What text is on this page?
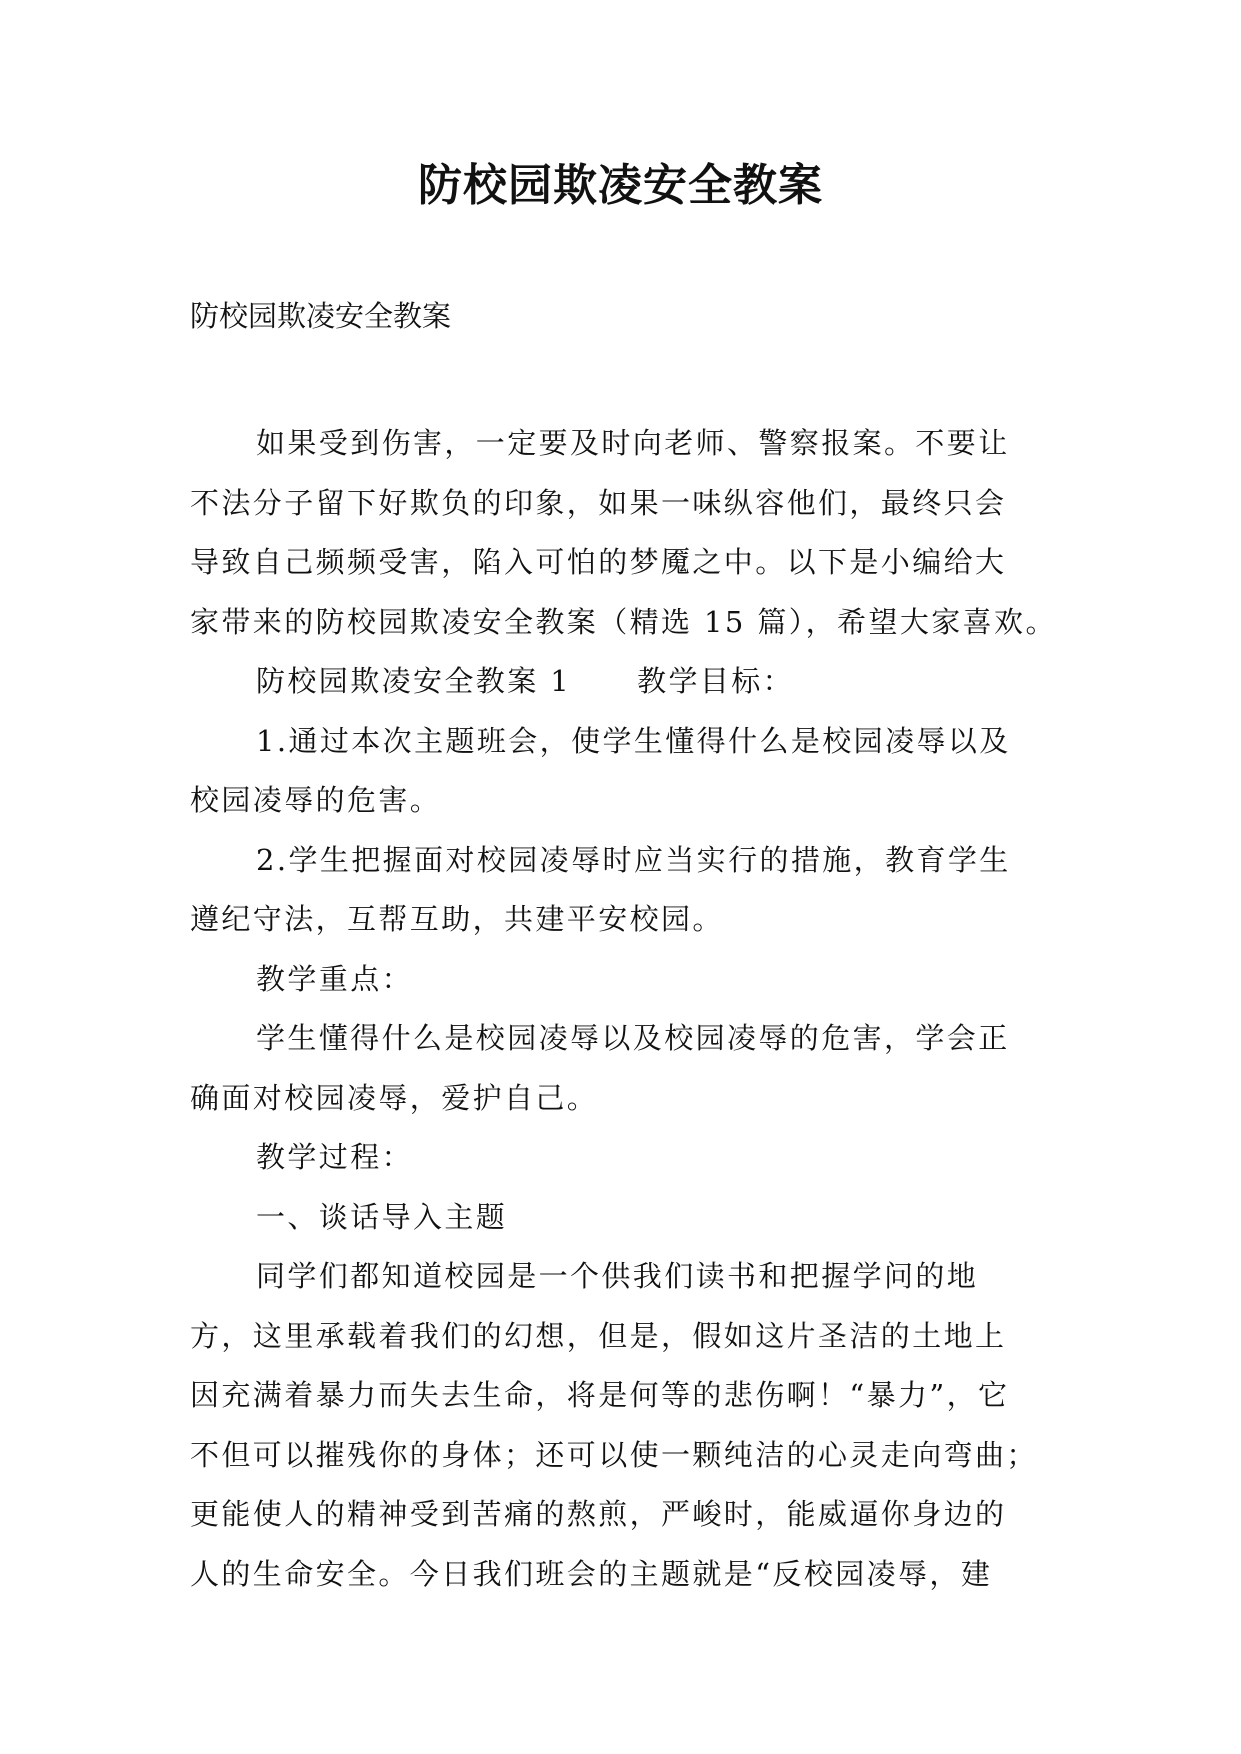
防校园欺凌安全教案
防校园欺凌安全教案
如果受到伤害，一定要及时向老师、警察报案。不要让
不法分子留下好欺负的印象，如果一味纵容他们，最终只会
导致自己频频受害，陷入可怕的梦魇之中。以下是小编给大
家带来的防校园欺凌安全教案（精选 15 篇），希望大家喜欢。
防校园欺凌安全教案 1 教学目标：
1.通过本次主题班会，使学生懂得什么是校园凌辱以及
校园凌辱的危害。
2.学生把握面对校园凌辱时应当实行的措施，教育学生
遵纪守法，互帮互助，共建平安校园。
教学重点：
学生懂得什么是校园凌辱以及校园凌辱的危害，学会正
确面对校园凌辱，爱护自己。
教学过程：
一、谈话导入主题
同学们都知道校园是一个供我们读书和把握学问的地
方，这里承载着我们的幻想，但是，假如这片圣洁的土地上
因充满着暴力而失去生命，将是何等的悲伤啊！“暴力”，它
不但可以摧残你的身体；还可以使一颗纯洁的心灵走向弯曲；
更能使人的精神受到苦痛的熬煎，严峻时，能威逼你身边的
人的生命安全。今日我们班会的主题就是“反校园凌辱，建
